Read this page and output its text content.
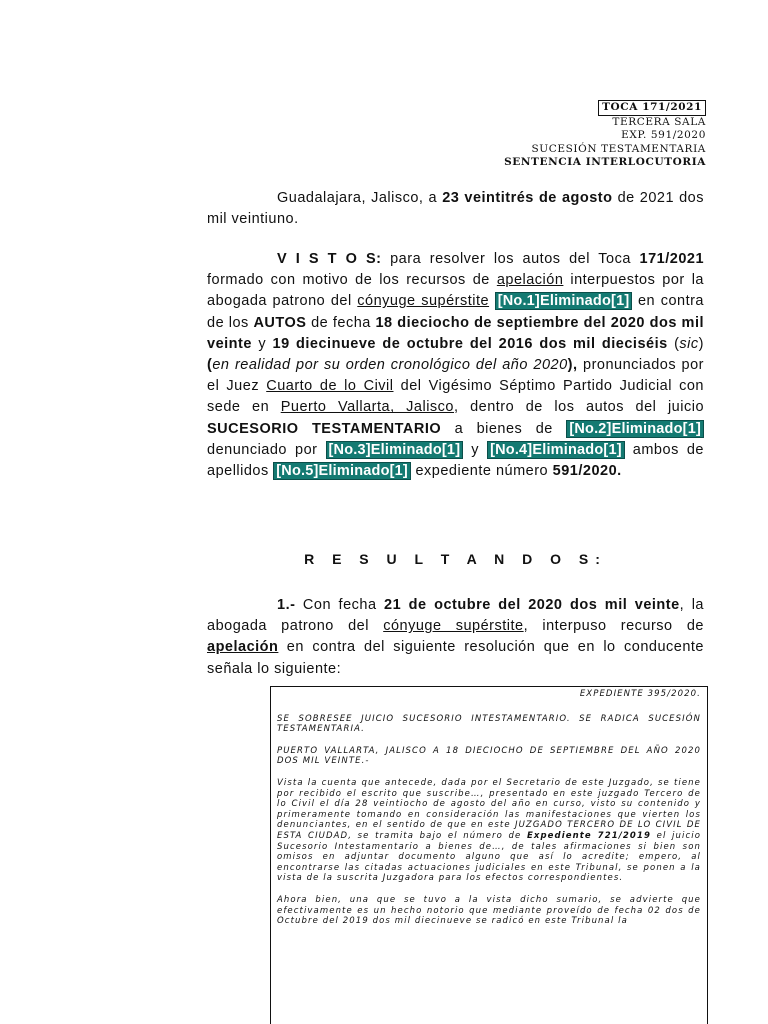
TOCA 171/2021
TERCERA SALA
EXP. 591/2020
SUCESIÓN TESTAMENTARIA
SENTENCIA INTERLOCUTORIA
Guadalajara, Jalisco, a 23 veintitrés de agosto de 2021 dos mil veintiuno.
V I S T O S: para resolver los autos del Toca 171/2021 formado con motivo de los recursos de apelación interpuestos por la abogada patrono del cónyuge supérstite [No.1]Eliminado[1] en contra de los AUTOS de fecha 18 dieciocho de septiembre del 2020 dos mil veinte y 19 diecinueve de octubre del 2016 dos mil dieciséis (sic) (en realidad por su orden cronológico del año 2020), pronunciados por el Juez Cuarto de lo Civil del Vigésimo Séptimo Partido Judicial con sede en Puerto Vallarta, Jalisco, dentro de los autos del juicio SUCESORIO TESTAMENTARIO a bienes de [No.2]Eliminado[1] denunciado por [No.3]Eliminado[1] y [No.4]Eliminado[1] ambos de apellidos [No.5]Eliminado[1] expediente número 591/2020.
R E S U L T A N D O S:
1.- Con fecha 21 de octubre del 2020 dos mil veinte, la abogada patrono del cónyuge supérstite, interpuso recurso de apelación en contra del siguiente resolución que en lo conducente señala lo siguiente:
EXPEDIENTE 395/2020.

SE SOBRESEE JUICIO SUCESORIO INTESTAMENTARIO. SE RADICA SUCESIÓN TESTAMENTARIA.

PUERTO VALLARTA, JALISCO A 18 DIECIOCHO DE SEPTIEMBRE DEL AÑO 2020 DOS MIL VEINTE.-

Vista la cuenta que antecede, dada por el Secretario de este Juzgado, se tiene por recibido el escrito que suscribe…, presentado en este juzgado Tercero de lo Civil el día 28 veintiocho de agosto del año en curso, visto su contenido y primeramente tomando en consideración las manifestaciones que vierten los denunciantes, en el sentido de que en este JUZGADO TERCERO DE LO CIVIL DE ESTA CIUDAD, se tramita bajo el número de Expediente 721/2019 el juicio Sucesorio Intestamentario a bienes de…, de tales afirmaciones si bien son omisos en adjuntar documento alguno que así lo acredite; empero, al encontrarse las citadas actuaciones judiciales en este Tribunal, se ponen a la vista de la suscrita Juzgadora para los efectos correspondientes.

Ahora bien, una que se tuvo a la vista dicho sumario, se advierte que efectivamente es un hecho notorio que mediante proveído de fecha 02 dos de Octubre del 2019 dos mil diecinueve se radicó en este Tribunal la
